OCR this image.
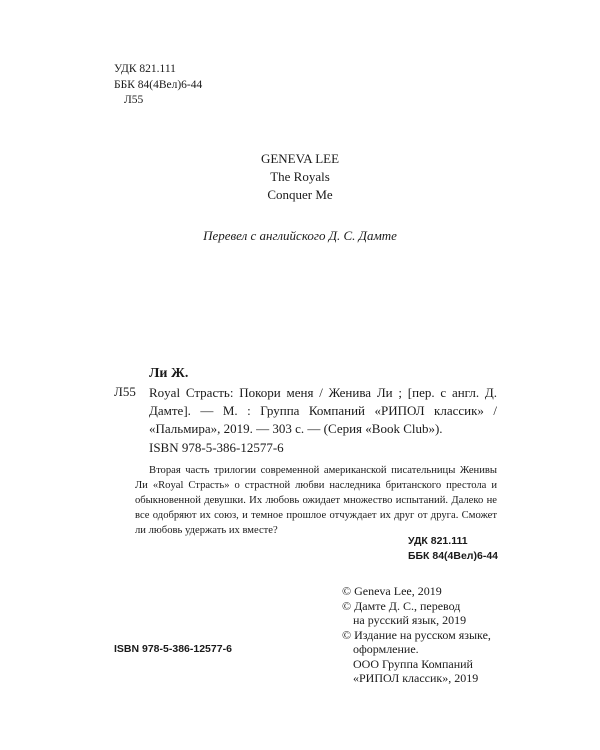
УДК 821.111
ББК 84(4Вел)6-44
Л55
GENEVA LEE
The Royals
Conquer Me
Перевел с английского Д. С. Дамте
Ли Ж.
Л55 Royal Страсть: Покори меня / Женива Ли ; [пер. с англ. Д. Дамте]. — М. : Группа Компаний «РИПОЛ классик» / «Пальмира», 2019. — 303 с. — (Серия «Book Club»).
ISBN 978-5-386-12577-6
Вторая часть трилогии современной американской писательницы Женивы Ли «Royal Страсть» о страстной любви наследника британского престола и обыкновенной девушки. Их любовь ожидает множество испытаний. Далеко не все одобряют их союз, и темное прошлое отчуждает их друг от друга. Сможет ли любовь удержать их вместе?
УДК 821.111
ББК 84(4Вел)6-44
© Geneva Lee, 2019
© Дамте Д. С., перевод
на русский язык, 2019
© Издание на русском языке,
оформление.
ООО Группа Компаний
«РИПОЛ классик», 2019
ISBN 978-5-386-12577-6
